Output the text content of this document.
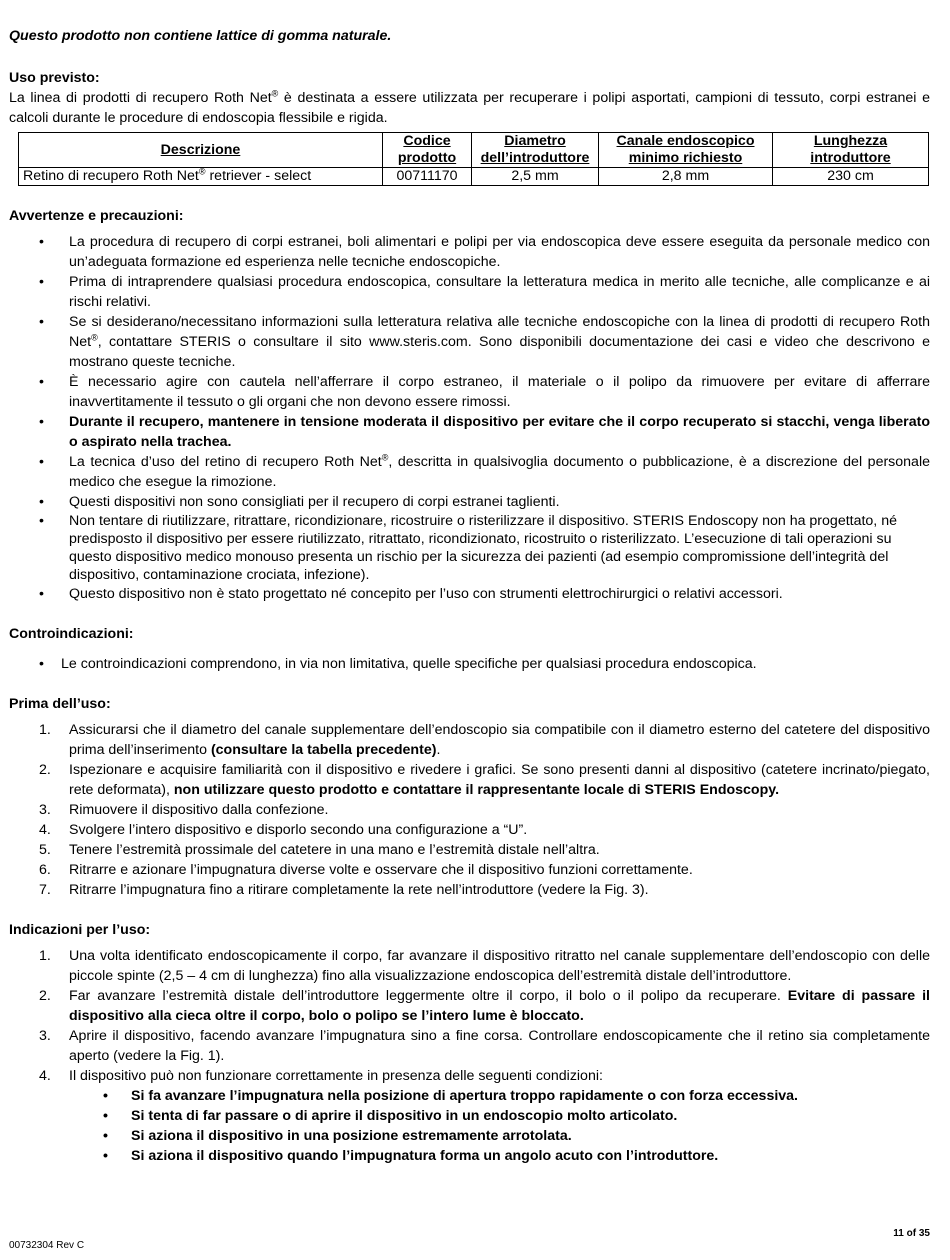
Questo prodotto non contiene lattice di gomma naturale.

Uso previsto:

La linea di prodotti di recupero Roth Net® è destinata a essere utilizzata per recuperare i polipi asportati, campioni di tessuto, corpi estranei e calcoli durante le procedure di endoscopia flessibile e rigida.

Descrizione	Codice prodotto	Diametro dell’introduttore	Canale endoscopico minimo richiesto	Lunghezza introduttore
Retino di recupero Roth Net® retriever - select	00711170	2,5 mm	2,8 mm	230 cm

Avvertenze e precauzioni:

• La procedura di recupero di corpi estranei, boli alimentari e polipi per via endoscopica deve essere eseguita da personale medico con un’adeguata formazione ed esperienza nelle tecniche endoscopiche.
• Prima di intraprendere qualsiasi procedura endoscopica, consultare la letteratura medica in merito alle tecniche, alle complicanze e ai rischi relativi.
• Se si desiderano/necessitano informazioni sulla letteratura relativa alle tecniche endoscopiche con la linea di prodotti di recupero Roth Net®, contattare STERIS o consultare il sito www.steris.com. Sono disponibili documentazione dei casi e video che descrivono e mostrano queste tecniche.
• È necessario agire con cautela nell’afferrare il corpo estraneo, il materiale o il polipo da rimuovere per evitare di afferrare inavvertitamente il tessuto o gli organi che non devono essere rimossi.
• Durante il recupero, mantenere in tensione moderata il dispositivo per evitare che il corpo recuperato si stacchi, venga liberato o aspirato nella trachea.
• La tecnica d’uso del retino di recupero Roth Net®, descritta in qualsivoglia documento o pubblicazione, è a discrezione del personale medico che esegue la rimozione.
• Questi dispositivi non sono consigliati per il recupero di corpi estranei taglienti.
• Non tentare di riutilizzare, ritrattare, ricondizionare, ricostruire o risterilizzare il dispositivo. STERIS Endoscopy non ha progettato, né predisposto il dispositivo per essere riutilizzato, ritrattato, ricondizionato, ricostruito o risterilizzato. L’esecuzione di tali operazioni su questo dispositivo medico monouso presenta un rischio per la sicurezza dei pazienti (ad esempio compromissione dell’integrità del dispositivo, contaminazione crociata, infezione).
• Questo dispositivo non è stato progettato né concepito per l’uso con strumenti elettrochirurgici o relativi accessori.

Controindicazioni:

• Le controindicazioni comprendono, in via non limitativa, quelle specifiche per qualsiasi procedura endoscopica.

Prima dell’uso:

1. Assicurarsi che il diametro del canale supplementare dell’endoscopio sia compatibile con il diametro esterno del catetere del dispositivo prima dell’inserimento (consultare la tabella precedente).
2. Ispezionare e acquisire familiarità con il dispositivo e rivedere i grafici. Se sono presenti danni al dispositivo (catetere incrinato/piegato, rete deformata), non utilizzare questo prodotto e contattare il rappresentante locale di STERIS Endoscopy.
3. Rimuovere il dispositivo dalla confezione.
4. Svolgere l’intero dispositivo e disporlo secondo una configurazione a “U”.
5. Tenere l’estremità prossimale del catetere in una mano e l’estremità distale nell’altra.
6. Ritrarre e azionare l’impugnatura diverse volte e osservare che il dispositivo funzioni correttamente.
7. Ritrarre l’impugnatura fino a ritirare completamente la rete nell’introduttore (vedere la Fig. 3).

Indicazioni per l’uso:

1. Una volta identificato endoscopicamente il corpo, far avanzare il dispositivo ritratto nel canale supplementare dell’endoscopio con delle piccole spinte (2,5 – 4 cm di lunghezza) fino alla visualizzazione endoscopica dell’estremità distale dell’introduttore.
2. Far avanzare l’estremità distale dell’introduttore leggermente oltre il corpo, il bolo o il polipo da recuperare. Evitare di passare il dispositivo alla cieca oltre il corpo, bolo o polipo se l’intero lume è bloccato.
3. Aprire il dispositivo, facendo avanzare l’impugnatura sino a fine corsa. Controllare endoscopicamente che il retino sia completamente aperto (vedere la Fig. 1).
4. Il dispositivo può non funzionare correttamente in presenza delle seguenti condizioni:
• Si fa avanzare l’impugnatura nella posizione di apertura troppo rapidamente o con forza eccessiva.
• Si tenta di far passare o di aprire il dispositivo in un endoscopio molto articolato.
• Si aziona il dispositivo in una posizione estremamente arrotolata.
• Si aziona il dispositivo quando l’impugnatura forma un angolo acuto con l’introduttore.
11 of 35
00732304 Rev C
